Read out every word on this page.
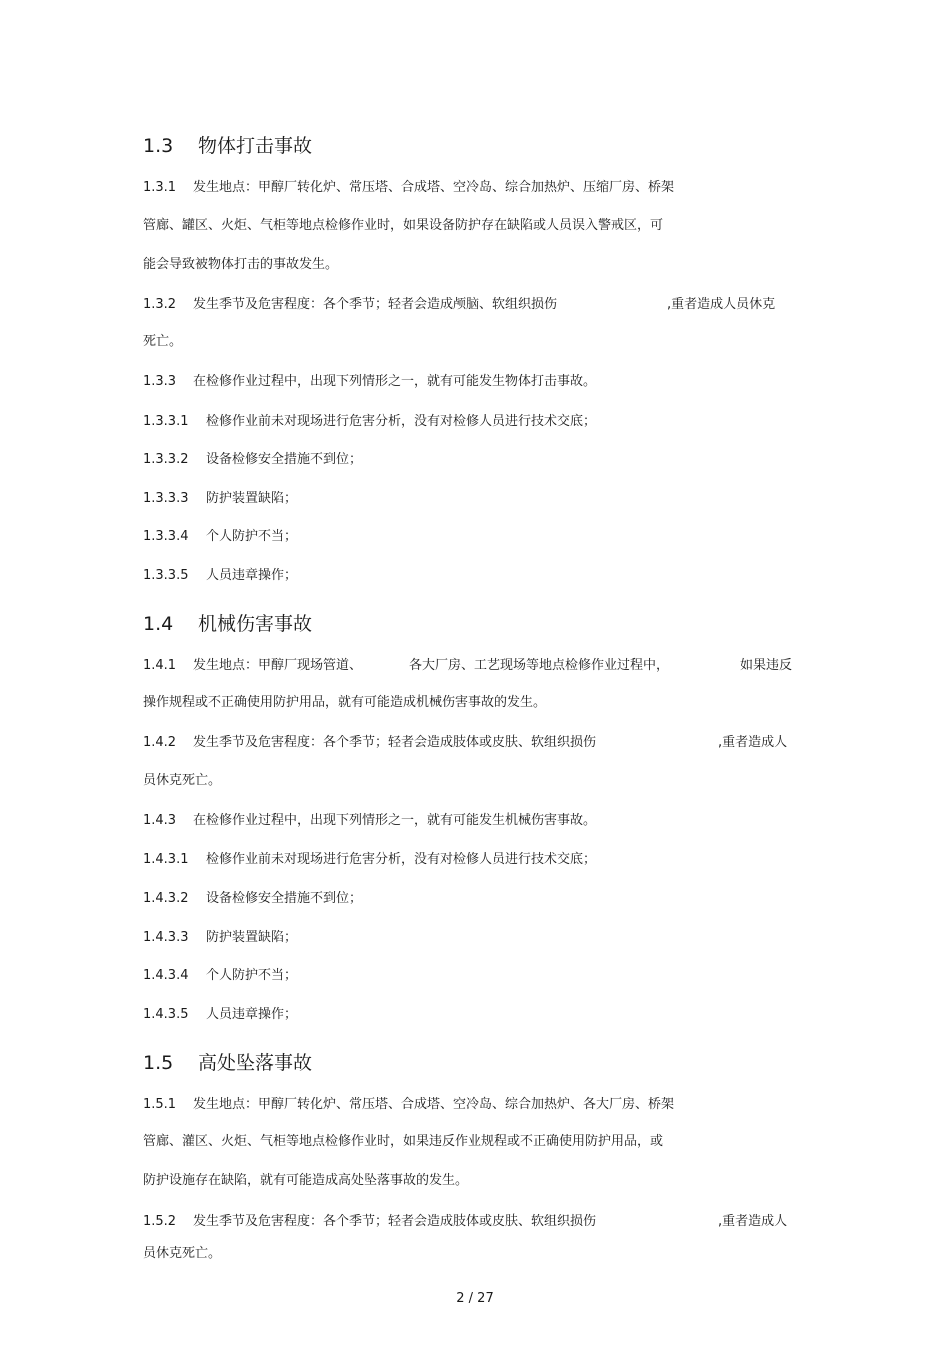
1.3 物体打击事故
1.3.1 发生地点：甲醇厂转化炉、常压塔、合成塔、空冷岛、综合加热炉、压缩厂房、桥架
管廊、罐区、火炬、气柜等地点检修作业时，如果设备防护存在缺陷或人员误入警戒区，可
能会导致被物体打击的事故发生。
1.3.2 发生季节及危害程度：各个季节；轻者会造成颅脑、软组织损伤	,重者造成人员休克
死亡。
1.3.3 在检修作业过程中，出现下列情形之一，就有可能发生物体打击事故。
1.3.3.1 检修作业前未对现场进行危害分析，没有对检修人员进行技术交底；
1.3.3.2 设备检修安全措施不到位；
1.3.3.3 防护装置缺陷；
1.3.3.4 个人防护不当；
1.3.3.5 人员违章操作；
1.4 机械伤害事故
1.4.1 发生地点：甲醇厂现场管道、	各大厂房、工艺现场等地点检修作业过程中，	如果违反
操作规程或不正确使用防护用品，就有可能造成机械伤害事故的发生。
1.4.2 发生季节及危害程度：各个季节；轻者会造成肢体或皮肤、软组织损伤	,重者造成人
员休克死亡。
1.4.3 在检修作业过程中，出现下列情形之一，就有可能发生机械伤害事故。
1.4.3.1 检修作业前未对现场进行危害分析，没有对检修人员进行技术交底；
1.4.3.2 设备检修安全措施不到位；
1.4.3.3 防护装置缺陷；
1.4.3.4 个人防护不当；
1.4.3.5 人员违章操作；
1.5 高处坠落事故
1.5.1 发生地点：甲醇厂转化炉、常压塔、合成塔、空冷岛、综合加热炉、各大厂房、桥架
管廊、灌区、火炬、气柜等地点检修作业时，如果违反作业规程或不正确使用防护用品，或
防护设施存在缺陷，就有可能造成高处坠落事故的发生。
1.5.2 发生季节及危害程度：各个季节；轻者会造成肢体或皮肤、软组织损伤	,重者造成人
员休克死亡。
2 / 27
